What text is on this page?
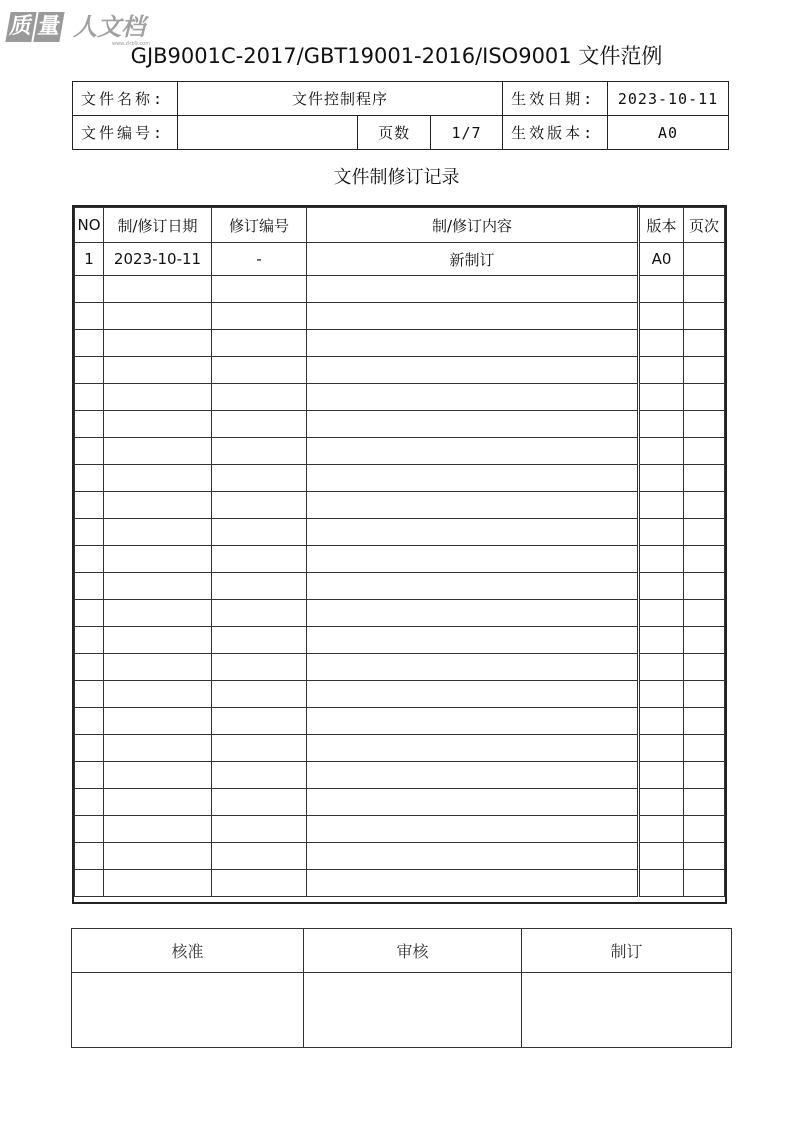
质 量 人文档
www.zlrb9.com
GJB9001C-2017/GBT19001-2016/ISO9001 文件范例
文件名称:	文件控制程序			生效日期:	2023-10-11
文件编号:		页数	1/7	生效版本:	A0
文件制修订记录
NO	制/修订日期	修订编号	制/修订内容	版本	页次
1	2023-10-11	-	新制订	A0	

核准	审核	制订
